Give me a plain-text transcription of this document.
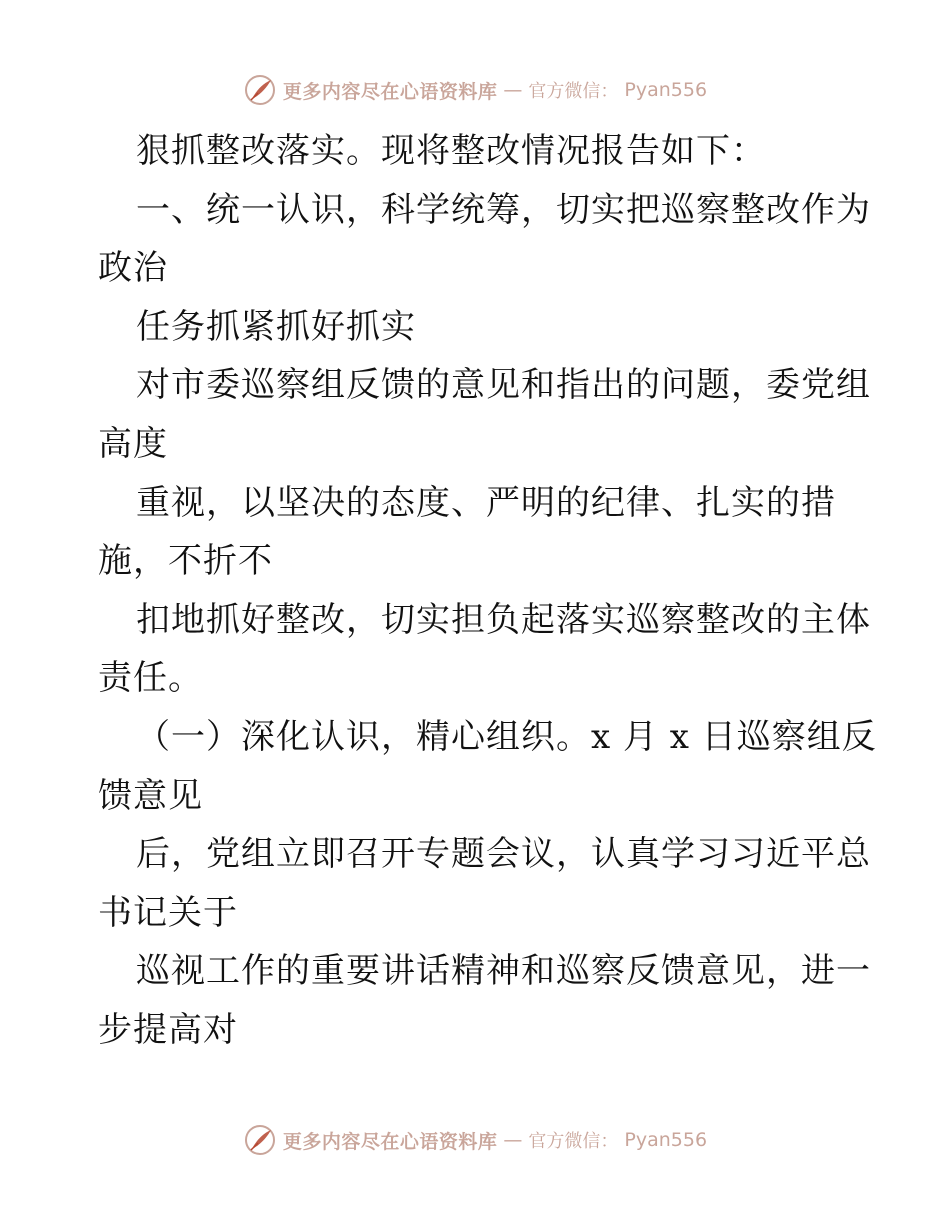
更多内容尽在心语资料库 — 官方微信： Pyan556
狠抓整改落实。现将整改情况报告如下：
一、统一认识，科学统筹，切实把巡察整改作为
政治
任务抓紧抓好抓实
对市委巡察组反馈的意见和指出的问题，委党组
高度
重视，以坚决的态度、严明的纪律、扎实的措
施，不折不
扣地抓好整改，切实担负起落实巡察整改的主体
责任。
（一）深化认识，精心组织。x 月 x 日巡察组反
馈意见
后，党组立即召开专题会议，认真学习习近平总
书记关于
巡视工作的重要讲话精神和巡察反馈意见，进一
步提高对
更多内容尽在心语资料库 — 官方微信： Pyan556
